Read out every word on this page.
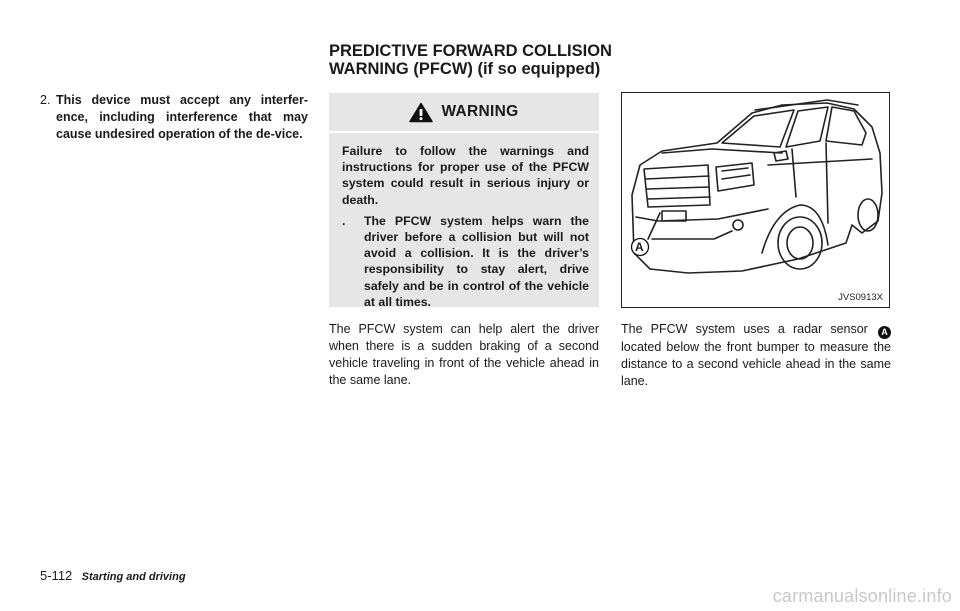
PREDICTIVE FORWARD COLLISION
WARNING (PFCW) (if so equipped)
2. This device must accept any interfer-ence, including interference that may cause undesired operation of the de-vice.
WARNING

Failure to follow the warnings and instructions for proper use of the PFCW system could result in serious injury or death.

. The PFCW system helps warn the driver before a collision but will not avoid a collision. It is the driver’s responsibility to stay alert, drive safely and be in control of the vehicle at all times.
The PFCW system can help alert the driver when there is a sudden braking of a second vehicle traveling in front of the vehicle ahead in the same lane.
A
JVS0913X
The PFCW system uses a radar sensor A located below the front bumper to measure the distance to a second vehicle ahead in the same lane.
5-112 Starting and driving
carmanualsonline.info
